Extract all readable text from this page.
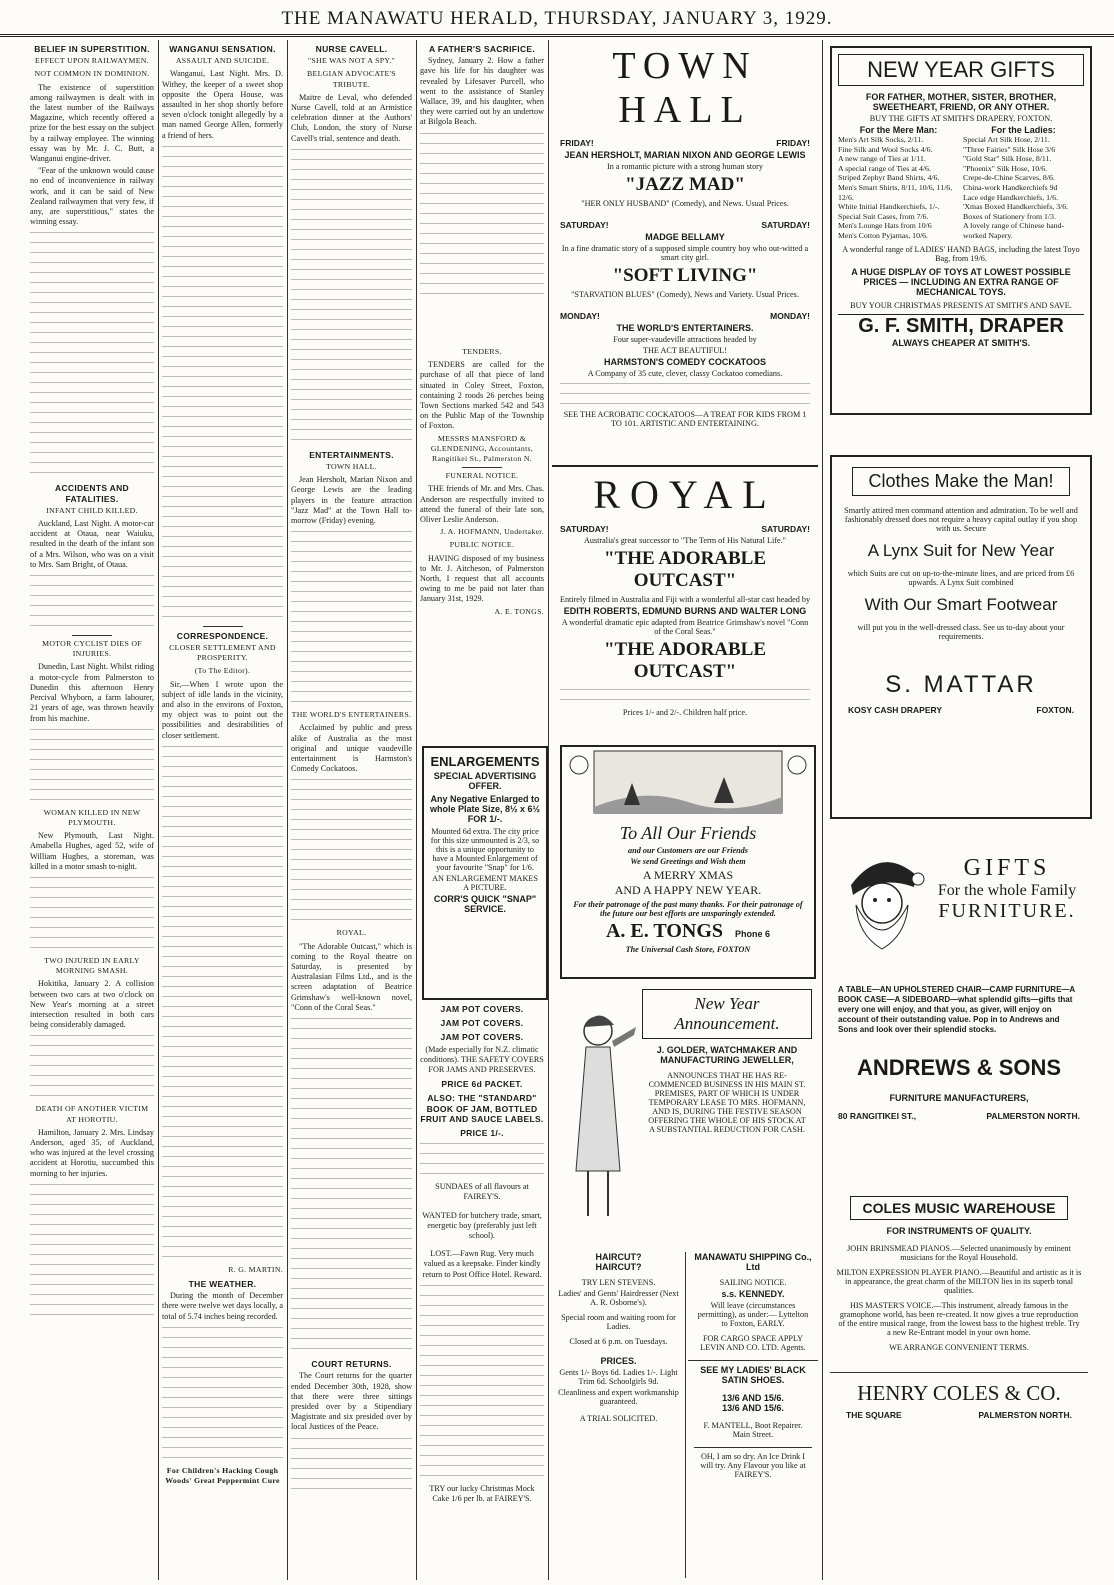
THE MANAWATU HERALD, THURSDAY, JANUARY 3, 1929.
BELIEF IN SUPERSTITION.
EFFECT UPON RAILWAYMEN.
NOT COMMON IN DOMINION.
The existence of superstition among railwaymen is dealt with in the latest number of the Railways Magazine, which recently offered a prize for the best essay on the subject by a railway employee. The winning essay was by Mr. J. C. Butt, a Wanganui engine-driver.
"Fear of the unknown would cause no end of inconvenience in railway work, and it can be said of New Zealand railwaymen that very few, if any, are superstitious," states the winning essay.
ACCIDENTS AND FATALITIES.
INFANT CHILD KILLED.
Auckland, Last Night. A motor-car accident at Otaua, near Waiuku, resulted in the death of the infant son of a Mrs. Wilson, who was on a visit to Mrs. Sam Bright, of Otaua.
MOTOR CYCLIST DIES OF INJURIES.
Dunedin, Last Night. Whilst riding a motor-cycle from Palmerston to Dunedin this afternoon Henry Percival Whyborn, a farm labourer, 21 years of age, was thrown heavily from his machine.
WOMAN KILLED IN NEW PLYMOUTH.
New Plymouth, Last Night. Amabella Hughes, aged 52, wife of William Hughes, a storeman, was killed in a motor smash to-night.
TWO INJURED IN EARLY MORNING SMASH.
Hokitika, January 2. A collision between two cars at two o'clock on New Year's morning at a street intersection resulted in both cars being considerably damaged.
DEATH OF ANOTHER VICTIM AT HOROTIU.
Hamilton, January 2. Mrs. Lindsay Anderson, aged 35, of Auckland, who was injured at the level crossing accident at Horotiu, succumbed this morning to her injuries.
WANGANUI SENSATION.
ASSAULT AND SUICIDE.
Wanganui, Last Night. Mrs. D. Withey, the keeper of a sweet shop opposite the Opera House, was assaulted in her shop shortly before seven o'clock tonight allegedly by a man named George Allen, formerly a friend of hers.
CORRESPONDENCE.
CLOSER SETTLEMENT AND PROSPERITY.
(To The Editor).
Sir,—When I wrote upon the subject of idle lands in the vicinity, and also in the environs of Foxton, my object was to point out the possibilities and desirabilities of closer settlement.
R. G. MARTIN.
THE WEATHER.
During the month of December there were twelve wet days locally, a total of 5.74 inches being recorded.
For Children's Hacking Cough Woods' Great Peppermint Cure
NURSE CAVELL.
"SHE WAS NOT A SPY."
BELGIAN ADVOCATE'S TRIBUTE.
Maitre de Leval, who defended Nurse Cavell, told at an Armistice celebration dinner at the Authors' Club, London, the story of Nurse Cavell's trial, sentence and death.
ENTERTAINMENTS.
TOWN HALL.
Jean Hersholt, Marian Nixon and George Lewis are the leading players in the feature attraction "Jazz Mad" at the Town Hall to-morrow (Friday) evening.
THE WORLD'S ENTERTAINERS.
Acclaimed by public and press alike of Australia as the most original and unique vaudeville entertainment is Harmston's Comedy Cockatoos.
ROYAL.
"The Adorable Outcast," which is coming to the Royal theatre on Saturday, is presented by Australasian Films Ltd., and is the screen adaptation of Beatrice Grimshaw's well-known novel, "Conn of the Coral Seas."
COURT RETURNS.
The Court returns for the quarter ended December 30th, 1928, show that there were three sittings presided over by a Stipendiary Magistrate and six presided over by local Justices of the Peace.
A FATHER'S SACRIFICE.
Sydney, January 2. How a father gave his life for his daughter was revealed by Lifesaver Purcell, who went to the assistance of Stanley Wallace, 39, and his daughter, when they were carried out by an undertow at Bilgola Beach.
TENDERS.
TENDERS are called for the purchase of all that piece of land situated in Coley Street, Foxton, containing 2 roods 26 perches being Town Sections marked 542 and 543 on the Public Map of the Township of Foxton.
MESSRS MANSFORD & GLENDENING, Accountants, Rangitikei St., Palmerston N.
FUNERAL NOTICE.
THE friends of Mr. and Mrs. Chas. Anderson are respectfully invited to attend the funeral of their late son, Oliver Leslie Anderson.
J. A. HOFMANN, Undertaker.
PUBLIC NOTICE.
HAVING disposed of my business to Mr. J. Aitcheson, of Palmerston North, I request that all accounts owing to me be paid not later than January 31st, 1929.
A. E. TONGS.
ENLARGEMENTS
SPECIAL ADVERTISING OFFER.
Any Negative Enlarged to whole Plate Size, 8½ x 6½ FOR 1/-.
Mounted 6d extra. The city price for this size unmounted is 2/3, so this is a unique opportunity to have a Mounted Enlargement of your favourite "Snap" for 1/6.
AN ENLARGEMENT MAKES A PICTURE.
CORR'S QUICK "SNAP" SERVICE.
JAM POT COVERS.
JAM POT COVERS.
JAM POT COVERS.
(Made especially for N.Z. climatic conditions). THE SAFETY COVERS FOR JAMS AND PRESERVES.
PRICE 6d PACKET.
ALSO: THE "STANDARD" BOOK OF JAM, BOTTLED FRUIT AND SAUCE LABELS.
PRICE 1/-.
SUNDAES of all flavours at FAIREY'S.
WANTED for butchery trade, smart, energetic boy (preferably just left school).
LOST.—Fawn Rug. Very much valued as a keepsake. Finder kindly return to Post Office Hotel. Reward.
TRY our lucky Christmas Mock Cake 1/6 per lb. at FAIREY'S.
TOWN HALL
FRIDAY!	FRIDAY!
JEAN HERSHOLT, MARIAN NIXON AND GEORGE LEWIS
In a romantic picture with a strong human story
"JAZZ MAD"
"HER ONLY HUSBAND" (Comedy), and News. Usual Prices.
SATURDAY!	SATURDAY!
MADGE BELLAMY
In a fine dramatic story of a supposed simple country boy who out-witted a smart city girl.
"SOFT LIVING"
"STARVATION BLUES" (Comedy), News and Variety. Usual Prices.
MONDAY!	MONDAY!
THE WORLD'S ENTERTAINERS.
Four super-vaudeville attractions headed by
THE ACT BEAUTIFUL!
HARMSTON'S COMEDY COCKATOOS
A Company of 35 cute, clever, classy Cockatoo comedians.
SEE THE ACROBATIC COCKATOOS—A TREAT FOR KIDS FROM 1 TO 101. ARTISTIC AND ENTERTAINING.
ROYAL
SATURDAY!	SATURDAY!
Australia's great successor to "The Term of His Natural Life."
"THE ADORABLE OUTCAST"
Entirely filmed in Australia and Fiji with a wonderful all-star cast headed by
EDITH ROBERTS, EDMUND BURNS AND WALTER LONG
A wonderful dramatic epic adapted from Beatrice Grimshaw's novel "Conn of the Coral Seas."
"THE ADORABLE OUTCAST"
Prices 1/- and 2/-. Children half price.
To All Our Friends
and our Customers are our Friends
We send Greetings and Wish them
A MERRY XMAS
AND A HAPPY NEW YEAR.
For their patronage of the past many thanks. For their patronage of the future our best efforts are unsparingly extended.
A. E. TONGS Phone 6
The Universal Cash Store, FOXTON
New Year Announcement.
J. GOLDER, WATCHMAKER AND MANUFACTURING JEWELLER,
ANNOUNCES THAT HE HAS RE-COMMENCED BUSINESS IN HIS MAIN ST. PREMISES, PART OF WHICH IS UNDER TEMPORARY LEASE TO MRS. HOFMANN, AND IS, DURING THE FESTIVE SEASON OFFERING THE WHOLE OF HIS STOCK AT A SUBSTANTIAL REDUCTION FOR CASH.
HAIRCUT?
HAIRCUT?
TRY LEN STEVENS.
Ladies' and Gents' Hairdresser (Next A. R. Osborne's).
Special room and waiting room for Ladies.
Closed at 6 p.m. on Tuesdays.
PRICES.
Gents 1/- Boys 6d. Ladies 1/-. Light Trim 6d. Schoolgirls 9d.
Cleanliness and expert workmanship guaranteed.
A TRIAL SOLICITED.
MANAWATU SHIPPING Co., Ltd
SAILING NOTICE.
s.s. KENNEDY.
Will leave (circumstances permitting), as under:— Lyttelton to Foxton, EARLY.
FOR CARGO SPACE APPLY LEVIN AND CO. LTD. Agents.
SEE MY LADIES' BLACK SATIN SHOES.
13/6 AND 15/6.
13/6 AND 15/6.
F. MANTELL, Boot Repairer. Main Street.
OH, I am so dry. An Ice Drink I will try. Any Flavour you like at FAIREY'S.
NEW YEAR GIFTS
FOR FATHER, MOTHER, SISTER, BROTHER, SWEETHEART, FRIEND, OR ANY OTHER.
BUY THE GIFTS AT SMITH'S DRAPERY, FOXTON.
For the Mere Man:
Men's Art Silk Socks, 2/11.
Fine Silk and Wool Socks 4/6.
A new range of Ties at 1/11.
A special range of Ties at 4/6.
Striped Zephyr Band Shirts, 4/6.
Men's Smart Shirts, 8/11, 10/6, 11/6, 12/6.
White Initial Handkerchiefs, 1/-.
Special Suit Cases, from 7/6.
Men's Lounge Hats from 10/6
Men's Cotton Pyjamas, 10/6.
For the Ladies:
Special Art Silk Hose, 2/11.
"Three Fairies" Silk Hose 3/6
"Gold Star" Silk Hose, 8/11.
"Phoenix" Silk Hose, 10/6.
Crepe-de-Chine Scarves, 8/6.
China-work Handkerchiefs 9d
Lace edge Handkerchiefs, 1/6.
'Xmas Boxed Handkerchiefs, 3/6.
Boxes of Stationery from 1/3.
A lovely range of Chinese hand-worked Napery.
A wonderful range of LADIES' HAND BAGS, including the latest Toyo Bag, from 19/6.
A HUGE DISPLAY OF TOYS AT LOWEST POSSIBLE PRICES — INCLUDING AN EXTRA RANGE OF MECHANICAL TOYS.
BUY YOUR CHRISTMAS PRESENTS AT SMITH'S AND SAVE.
G. F. SMITH, DRAPER
ALWAYS CHEAPER AT SMITH'S.
Clothes Make the Man!
Smartly attired men command attention and admiration. To be well and fashionably dressed does not require a heavy capital outlay if you shop with us. Secure
A Lynx Suit for New Year
which Suits are cut on up-to-the-minute lines, and are priced from £6 upwards. A Lynx Suit combined
With Our Smart Footwear
will put you in the well-dressed class. See us to-day about your requirements.
S. MATTAR
KOSY CASH DRAPERY	FOXTON.
GIFTS
For the whole Family
FURNITURE.
A TABLE—AN UPHOLSTERED CHAIR—CAMP FURNITURE—A BOOK CASE—A SIDEBOARD—what splendid gifts—gifts that every one will enjoy, and that you, as giver, will enjoy on account of their outstanding value. Pop in to Andrews and Sons and look over their splendid stocks.
ANDREWS & SONS
FURNITURE MANUFACTURERS,
80 RANGITIKEI ST.,	PALMERSTON NORTH.
COLES MUSIC WAREHOUSE
FOR INSTRUMENTS OF QUALITY.
JOHN BRINSMEAD PIANOS.—Selected unanimously by eminent musicians for the Royal Household.
MILTON EXPRESSION PLAYER PIANO.—Beautiful and artistic as it is in appearance, the great charm of the MILTON lies in its superb tonal qualities.
HIS MASTER'S VOICE.—This instrument, already famous in the gramophone world, has been re-created. It now gives a true reproduction of the entire musical range, from the lowest bass to the highest treble. Try a new Re-Entrant model in your own home.
WE ARRANGE CONVENIENT TERMS.
HENRY COLES & CO.
THE SQUARE	PALMERSTON NORTH.
